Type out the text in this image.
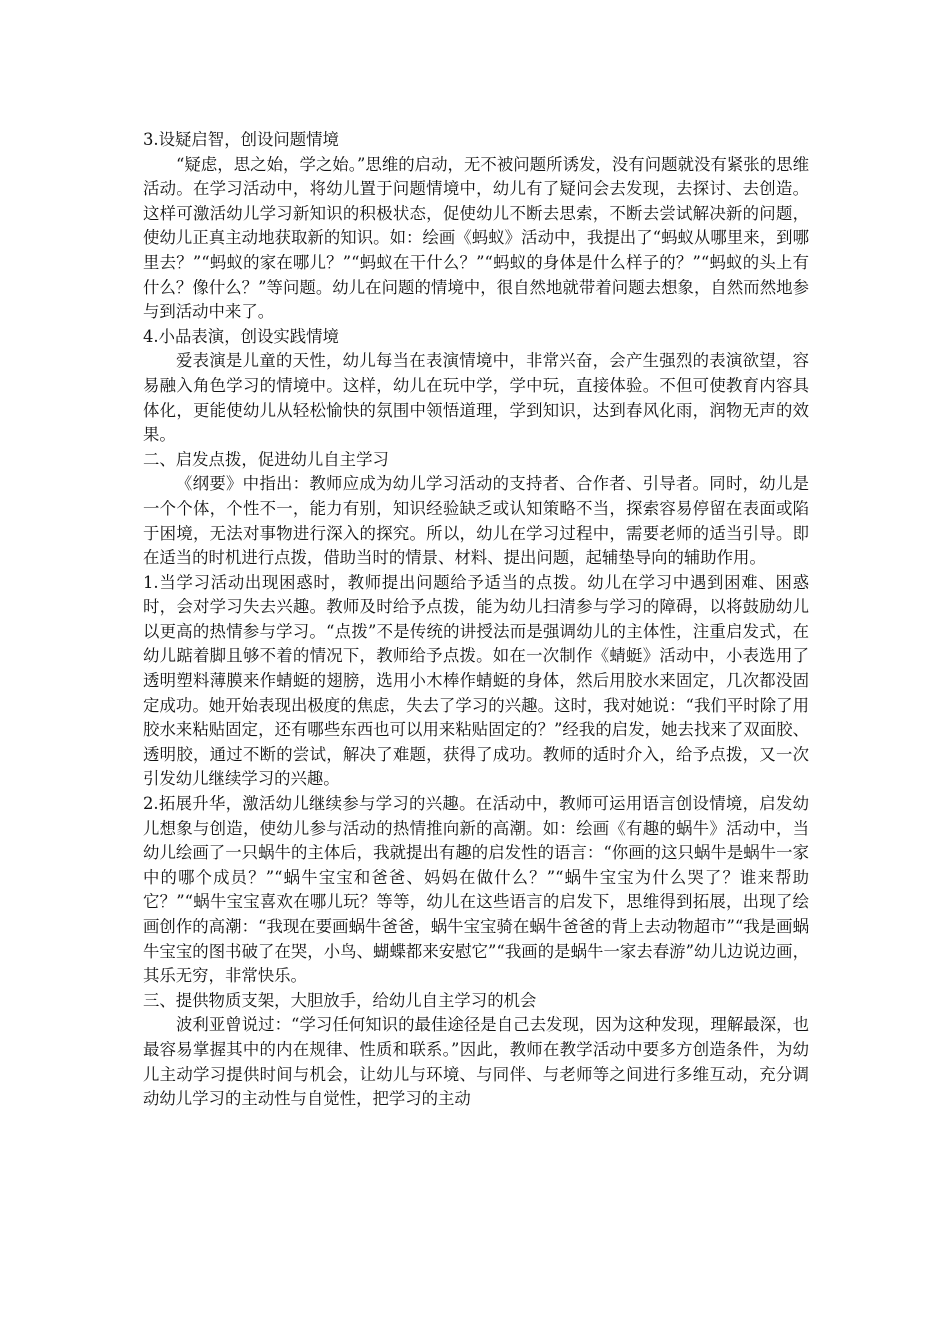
3.设疑启智，创设问题情境

“疑虑，思之始，学之始。”思维的启动，无不被问题所诱发，没有问题就没有紧张的思维活动。在学习活动中，将幼儿置于问题情境中，幼儿有了疑问会去发现，去探讨、去创造。这样可激活幼儿学习新知识的积极状态，促使幼儿不断去思索，不断去尝试解决新的问题，使幼儿正真主动地获取新的知识。如：绘画《蚂蚁》活动中，我提出了“蚂蚁从哪里来，到哪里去？”“蚂蚁的家在哪儿？”“蚂蚁在干什么？”“蚂蚁的身体是什么样子的？”“蚂蚁的头上有什么？像什么？”等问题。幼儿在问题的情境中，很自然地就带着问题去想象，自然而然地参与到活动中来了。

4.小品表演，创设实践情境

爱表演是儿童的天性，幼儿每当在表演情境中，非常兴奋，会产生强烈的表演欲望，容易融入角色学习的情境中。这样，幼儿在玩中学，学中玩，直接体验。不但可使教育内容具体化，更能使幼儿从轻松愉快的氛围中领悟道理，学到知识，达到春风化雨，润物无声的效果。

二、启发点拨，促进幼儿自主学习

《纲要》中指出：教师应成为幼儿学习活动的支持者、合作者、引导者。同时，幼儿是一个个体，个性不一，能力有别，知识经验缺乏或认知策略不当，探索容易停留在表面或陷于困境，无法对事物进行深入的探究。所以，幼儿在学习过程中，需要老师的适当引导。即在适当的时机进行点拨，借助当时的情景、材料、提出问题，起辅垫导向的辅助作用。

1.当学习活动出现困惑时，教师提出问题给予适当的点拨。幼儿在学习中遇到困难、困惑时，会对学习失去兴趣。教师及时给予点拨，能为幼儿扫清参与学习的障碍，以将鼓励幼儿以更高的热情参与学习。“点拨”不是传统的讲授法而是强调幼儿的主体性，注重启发式，在幼儿踮着脚且够不着的情况下，教师给予点拨。如在一次制作《蜻蜓》活动中，小表选用了透明塑料薄膜来作蜻蜓的翅膀，选用小木棒作蜻蜓的身体，然后用胶水来固定，几次都没固定成功。她开始表现出极度的焦虑，失去了学习的兴趣。这时，我对她说：“我们平时除了用胶水来粘贴固定，还有哪些东西也可以用来粘贴固定的？”经我的启发，她去找来了双面胶、透明胶，通过不断的尝试，解决了难题，获得了成功。教师的适时介入，给予点拨，又一次引发幼儿继续学习的兴趣。

2.拓展升华，激活幼儿继续参与学习的兴趣。在活动中，教师可运用语言创设情境，启发幼儿想象与创造，使幼儿参与活动的热情推向新的高潮。如：绘画《有趣的蜗牛》活动中，当幼儿绘画了一只蜗牛的主体后，我就提出有趣的启发性的语言：“你画的这只蜗牛是蜗牛一家中的哪个成员？”“蜗牛宝宝和爸爸、妈妈在做什么？”“蜗牛宝宝为什么哭了？谁来帮助它？”“蜗牛宝宝喜欢在哪儿玩？等等，幼儿在这些语言的启发下，思维得到拓展，出现了绘画创作的高潮：“我现在要画蜗牛爸爸，蜗牛宝宝骑在蜗牛爸爸的背上去动物超市”“我是画蜗牛宝宝的图书破了在哭，小鸟、蝴蝶都来安慰它”“我画的是蜗牛一家去春游”幼儿边说边画，其乐无穷，非常快乐。

三、提供物质支架，大胆放手，给幼儿自主学习的机会

波利亚曾说过：“学习任何知识的最佳途径是自己去发现，因为这种发现，理解最深，也最容易掌握其中的内在规律、性质和联系。”因此，教师在教学活动中要多方创造条件，为幼儿主动学习提供时间与机会，让幼儿与环境、与同伴、与老师等之间进行多维互动，充分调动幼儿学习的主动性与自觉性，把学习的主动
